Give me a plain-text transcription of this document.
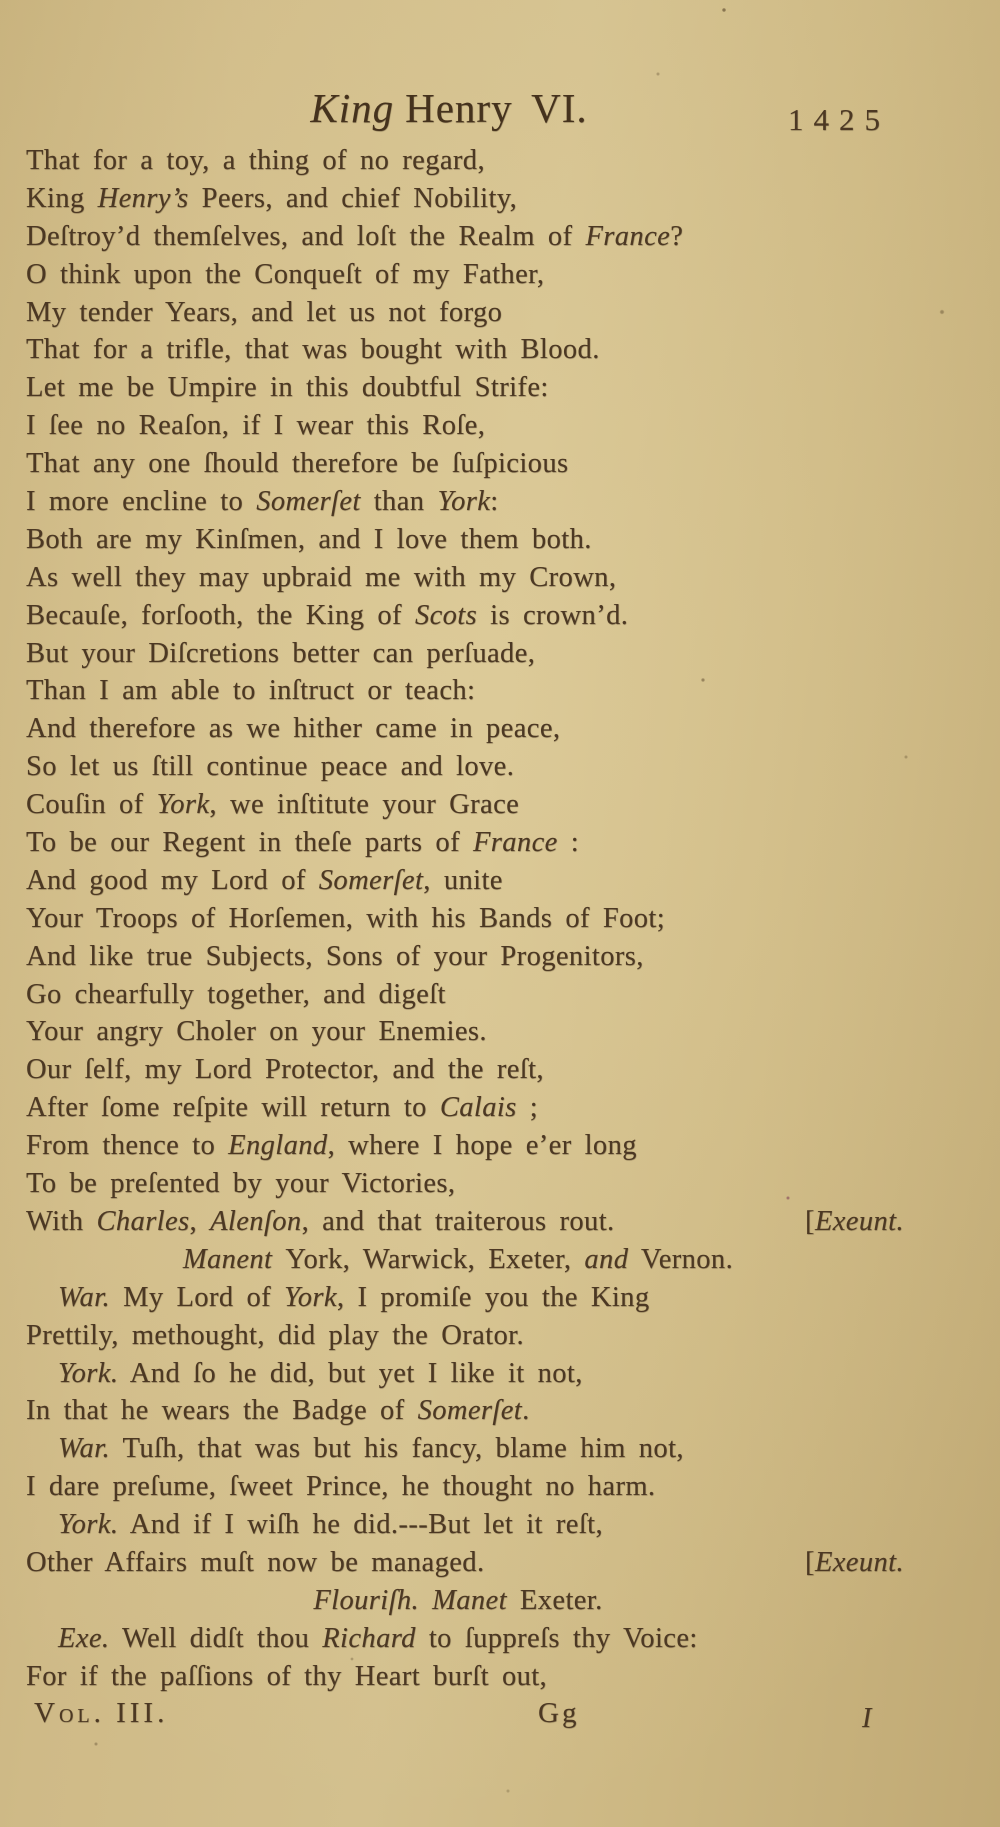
King Henry VI.	1425
That for a toy, a thing of no regard,
King Henry’s Peers, and chief Nobility,
Deſtroy’d themſelves, and loſt the Realm of France?
O think upon the Conqueſt of my Father,
My tender Years, and let us not forgo
That for a trifle, that was bought with Blood.
Let me be Umpire in this doubtful Strife:
I ſee no Reaſon, if I wear this Roſe,
That any one ſhould therefore be ſuſpicious
I more encline to Somerſet than York:
Both are my Kinſmen, and I love them both.
As well they may upbraid me with my Crown,
Becauſe, forſooth, the King of Scots is crown’d.
But your Diſcretions better can perſuade,
Than I am able to inſtruct or teach:
And therefore as we hither came in peace,
So let us ſtill continue peace and love.
Couſin of York, we inſtitute your Grace
To be our Regent in theſe parts of France :
And good my Lord of Somerſet, unite
Your Troops of Horſemen, with his Bands of Foot;
And like true Subjects, Sons of your Progenitors,
Go chearfully together, and digeſt
Your angry Choler on your Enemies.
Our ſelf, my Lord Protector, and the reſt,
After ſome reſpite will return to Calais ;
From thence to England, where I hope e’er long
To be preſented by your Victories,
With Charles, Alenſon, and that traiterous rout.	[Exeunt.
Manent York, Warwick, Exeter, and Vernon.
War. My Lord of York, I promiſe you the King
Prettily, methought, did play the Orator.
York. And ſo he did, but yet I like it not,
In that he wears the Badge of Somerſet.
War. Tuſh, that was but his fancy, blame him not,
I dare preſume, ſweet Prince, he thought no harm.
York. And if I wiſh he did.---But let it reſt,
Other Affairs muſt now be managed.	[Exeunt.
Flouriſh. Manet Exeter.
Exe. Well didſt thou Richard to ſuppreſs thy Voice:
For if the paſſions of thy Heart burſt out,
Vol. III.	Gg	I
